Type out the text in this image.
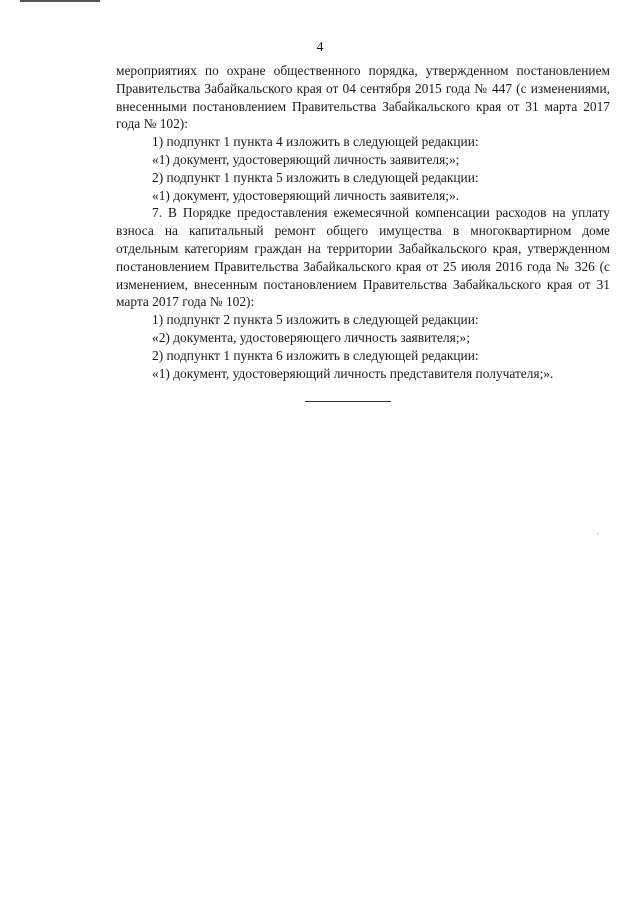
4

мероприятиях по охране общественного порядка, утвержденном постановлением Правительства Забайкальского края от 04 сентября 2015 года № 447 (с изменениями, внесенными постановлением Правительства Забайкальского края от 31 марта 2017 года № 102):

1) подпункт 1 пункта 4 изложить в следующей редакции:

«1) документ, удостоверяющий личность заявителя;»;

2) подпункт 1 пункта 5 изложить в следующей редакции:

«1) документ, удостоверяющий личность заявителя;».

7. В Порядке предоставления ежемесячной компенсации расходов на уплату взноса на капитальный ремонт общего имущества в многоквартирном доме отдельным категориям граждан на территории Забайкальского края, утвержденном постановлением Правительства Забайкальского края от 25 июля 2016 года № 326 (с изменением, внесенным постановлением Правительства Забайкальского края от 31 марта 2017 года № 102):

1) подпункт 2 пункта 5 изложить в следующей редакции:

«2) документа, удостоверяющего личность заявителя;»;

2) подпункт 1 пункта 6 изложить в следующей редакции:

«1) документ, удостоверяющий личность представителя получателя;».
